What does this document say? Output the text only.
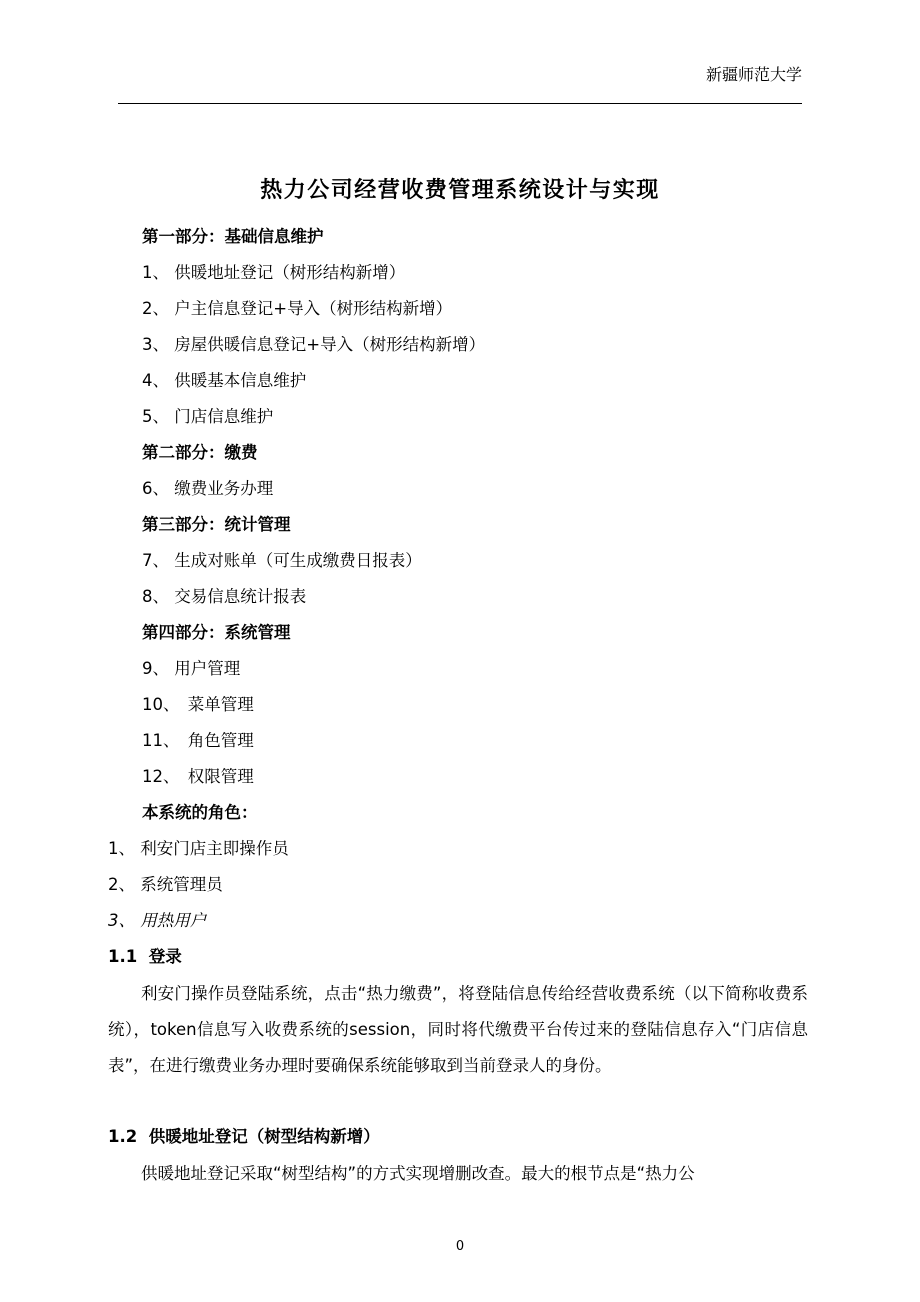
新疆师范大学
热力公司经营收费管理系统设计与实现
第一部分：基础信息维护
1、 供暖地址登记（树形结构新增）
2、 户主信息登记+导入（树形结构新增）
3、 房屋供暖信息登记+导入（树形结构新增）
4、 供暖基本信息维护
5、 门店信息维护
第二部分：缴费
6、 缴费业务办理
第三部分：统计管理
7、 生成对账单（可生成缴费日报表）
8、 交易信息统计报表
第四部分：系统管理
9、 用户管理
10、　菜单管理
11、　角色管理
12、　权限管理
本系统的角色：
1、 利安门店主即操作员
2、 系统管理员
3、 用热用户
1.1 登录
利安门操作员登陆系统，点击“热力缴费”，将登陆信息传给经营收费系统（以下简称收费系统），token信息写入收费系统的session，同时将代缴费平台传过来的登陆信息存入“门店信息表”，在进行缴费业务办理时要确保系统能够取到当前登录人的身份。
1.2 供暖地址登记（树型结构新增）
供暖地址登记采取“树型结构”的方式实现增删改查。最大的根节点是“热力公
0
